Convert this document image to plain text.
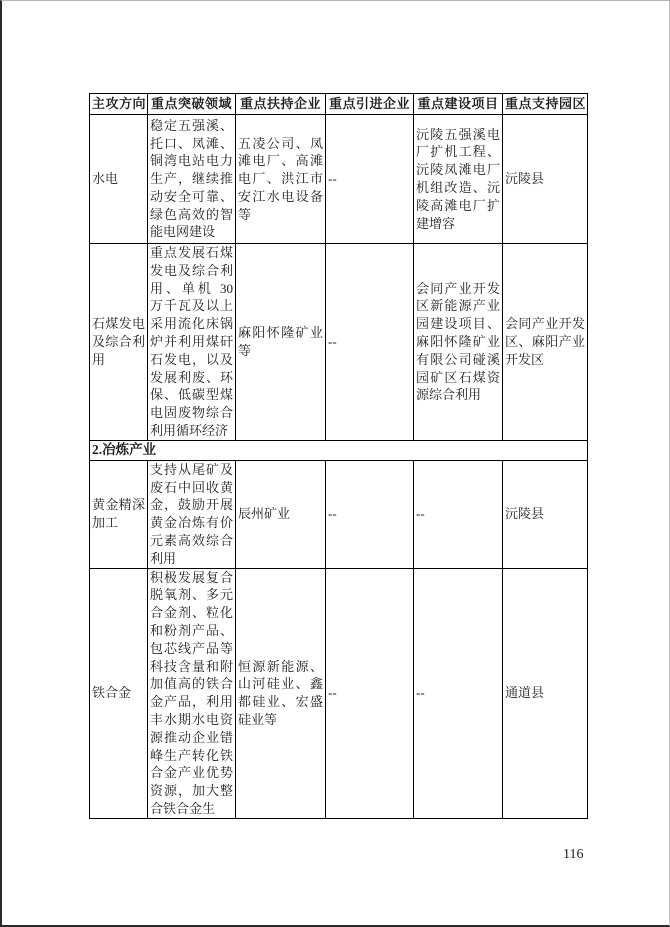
主攻方向	重点突破领域	重点扶持企业	重点引进企业	重点建设项目	重点支持园区
水电	稳定五强溪、托口、凤滩、铜湾电站电力生产，继续推动安全可靠、绿色高效的智能电网建设	五凌公司、凤滩电厂、高滩电厂、洪江市安江水电设备等	--	沅陵五强溪电厂扩机工程、沅陵凤滩电厂机组改造、沅陵高滩电厂扩建增容	沅陵县
石煤发电及综合利用	重点发展石煤发电及综合利用、单机 30 万千瓦及以上采用流化床锅炉并利用煤矸石发电，以及发展利废、环保、低碳型煤电固废物综合利用循环经济	麻阳怀隆矿业等	--	会同产业开发区新能源产业园建设项目、麻阳怀隆矿业有限公司碰溪园矿区石煤资源综合利用	会同产业开发区、麻阳产业开发区
2.冶炼产业					
黄金精深加工	支持从尾矿及废石中回收黄金，鼓励开展黄金冶炼有价元素高效综合利用	辰州矿业	--	--	沅陵县
铁合金	积极发展复合脱氧剂、多元合金剂、粒化和粉剂产品、包芯线产品等科技含量和附加值高的铁合金产品，利用丰水期水电资源推动企业错峰生产转化铁合金产业优势资源，加大整合铁合金生	恒源新能源、山河硅业、鑫都硅业、宏盛硅业等	--	--	通道县
116
